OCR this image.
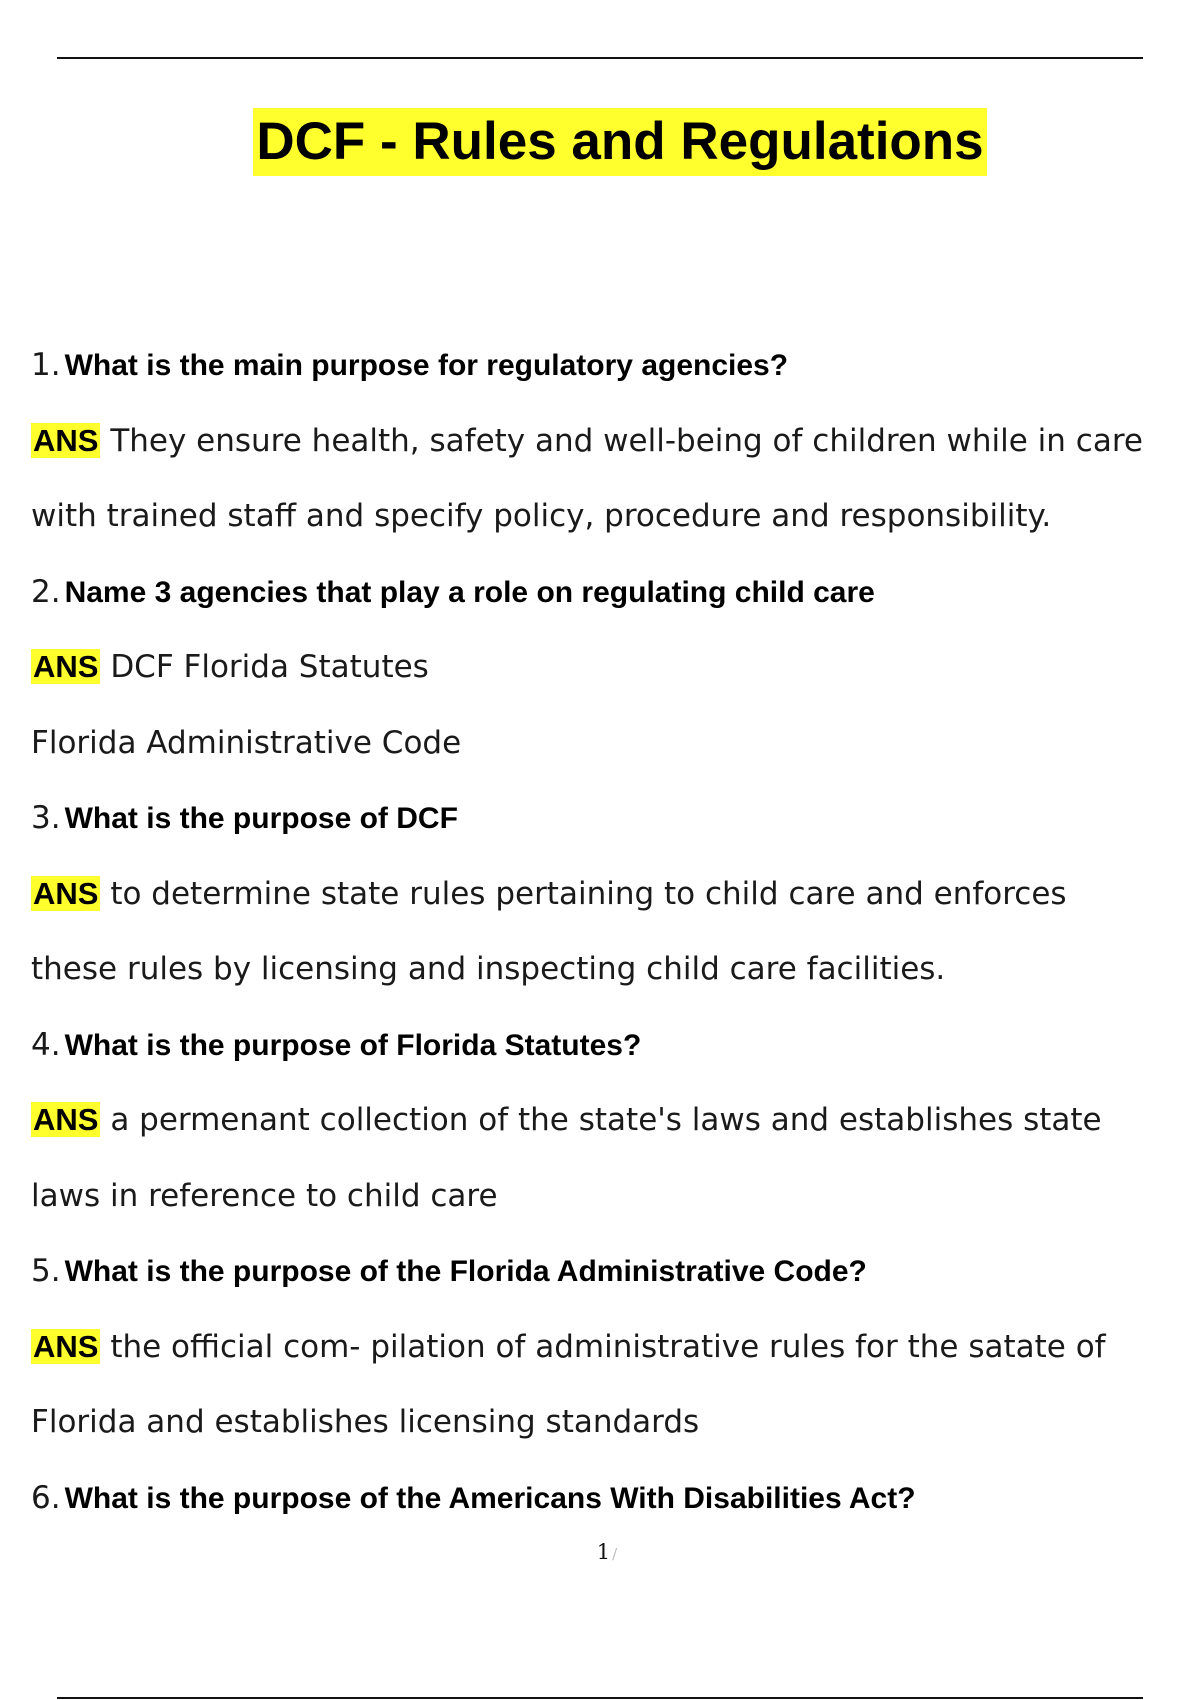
DCF - Rules and Regulations
1. What is the main purpose for regulatory agencies?
ANS They ensure health, safety and well-being of children while in care
with trained staff and specify policy, procedure and responsibility.
2. Name 3 agencies that play a role on regulating child care
ANS DCF Florida Statutes
Florida Administrative Code
3. What is the purpose of DCF
ANS to determine state rules pertaining to child care and enforces
these rules by licensing and inspecting child care facilities.
4. What is the purpose of Florida Statutes?
ANS a permenant collection of the state's laws and establishes state
laws in reference to child care
5. What is the purpose of the Florida Administrative Code?
ANS the official com- pilation of administrative rules for the satate of
Florida and establishes licensing standards
6. What is the purpose of the Americans With Disabilities Act?
1 /
